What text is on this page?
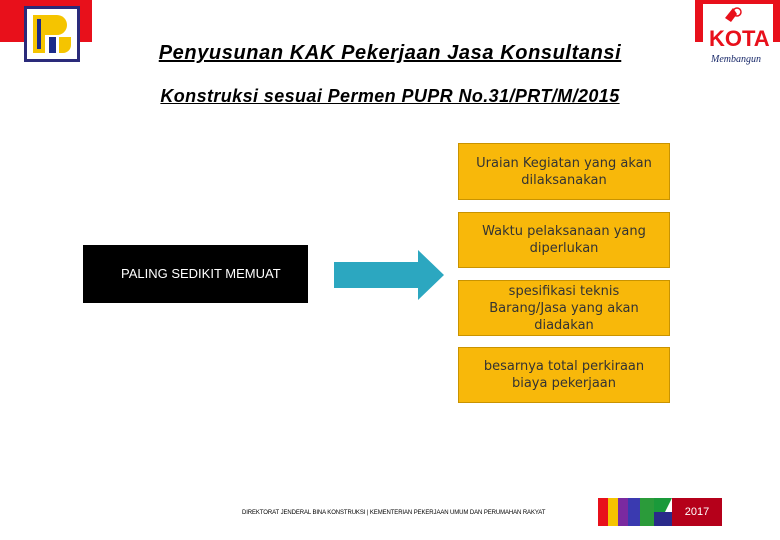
KOTA
Membangun
Penyusunan KAK Pekerjaan Jasa Konsultansi
Konstruksi sesuai Permen PUPR No.31/PRT/M/2015
PALING SEDIKIT MEMUAT
Uraian Kegiatan yang akan dilaksanakan
Waktu pelaksanaan yang diperlukan
spesifikasi teknis Barang/Jasa yang akan diadakan
besarnya total perkiraan biaya pekerjaan
DIREKTORAT JENDERAL BINA KONSTRUKSI | KEMENTERIAN PEKERJAAN UMUM DAN PERUMAHAN RAKYAT	2017
